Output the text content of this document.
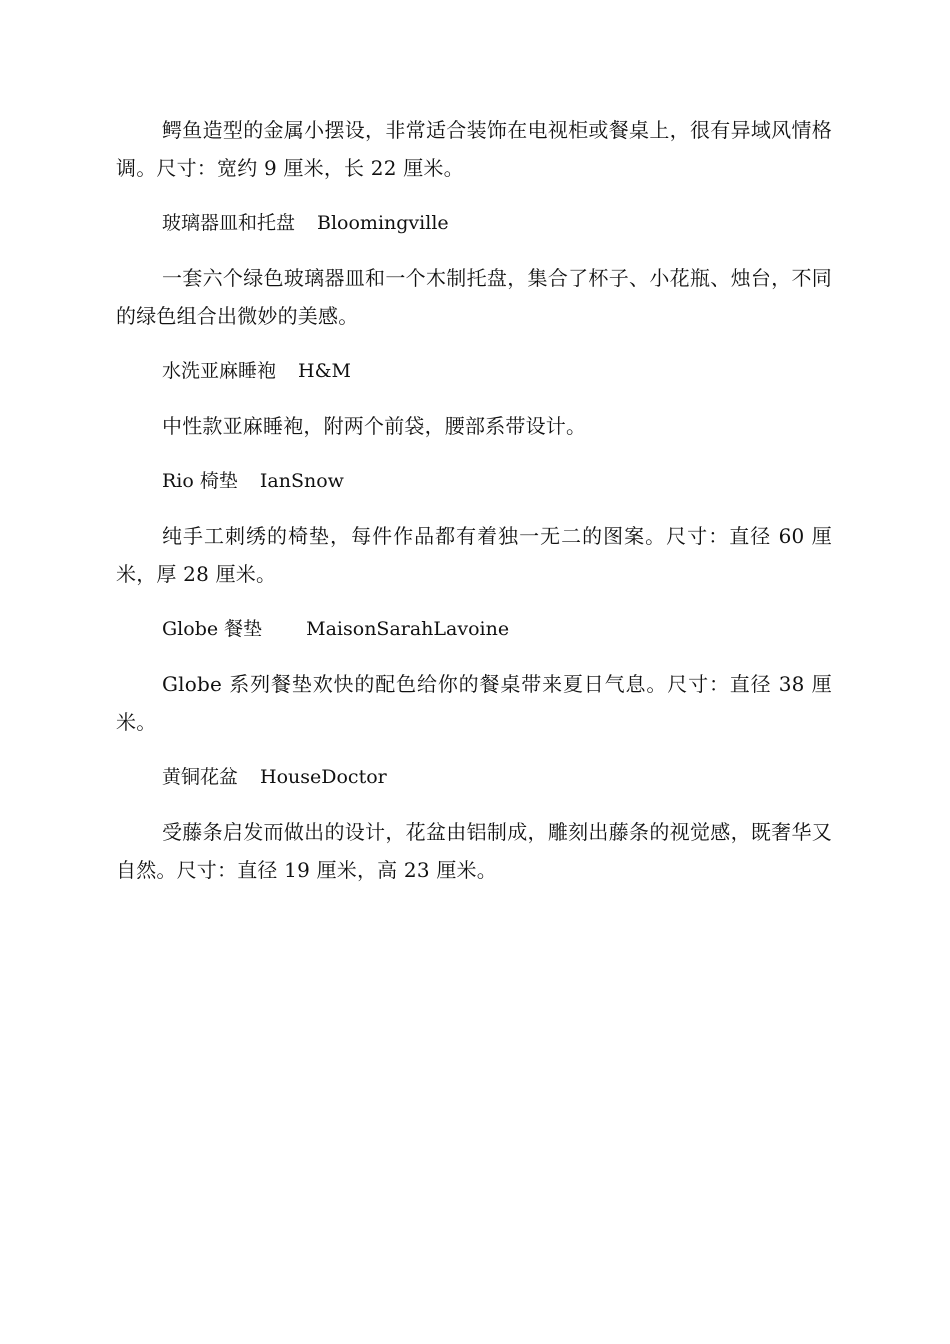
鳄鱼造型的金属小摆设，非常适合装饰在电视柜或餐桌上，很有异域风情格调。尺寸：宽约 9 厘米，长 22 厘米。

玻璃器皿和托盘 Bloomingville

一套六个绿色玻璃器皿和一个木制托盘，集合了杯子、小花瓶、烛台，不同的绿色组合出微妙的美感。

水洗亚麻睡袍 H&M

中性款亚麻睡袍，附两个前袋，腰部系带设计。

Rio 椅垫 IanSnow

纯手工刺绣的椅垫，每件作品都有着独一无二的图案。尺寸：直径 60 厘米，厚 28 厘米。

Globe 餐垫 MaisonSarahLavoine

Globe 系列餐垫欢快的配色给你的餐桌带来夏日气息。尺寸：直径 38 厘米。

黄铜花盆 HouseDoctor

受藤条启发而做出的设计，花盆由铝制成，雕刻出藤条的视觉感，既奢华又自然。尺寸：直径 19 厘米，高 23 厘米。
